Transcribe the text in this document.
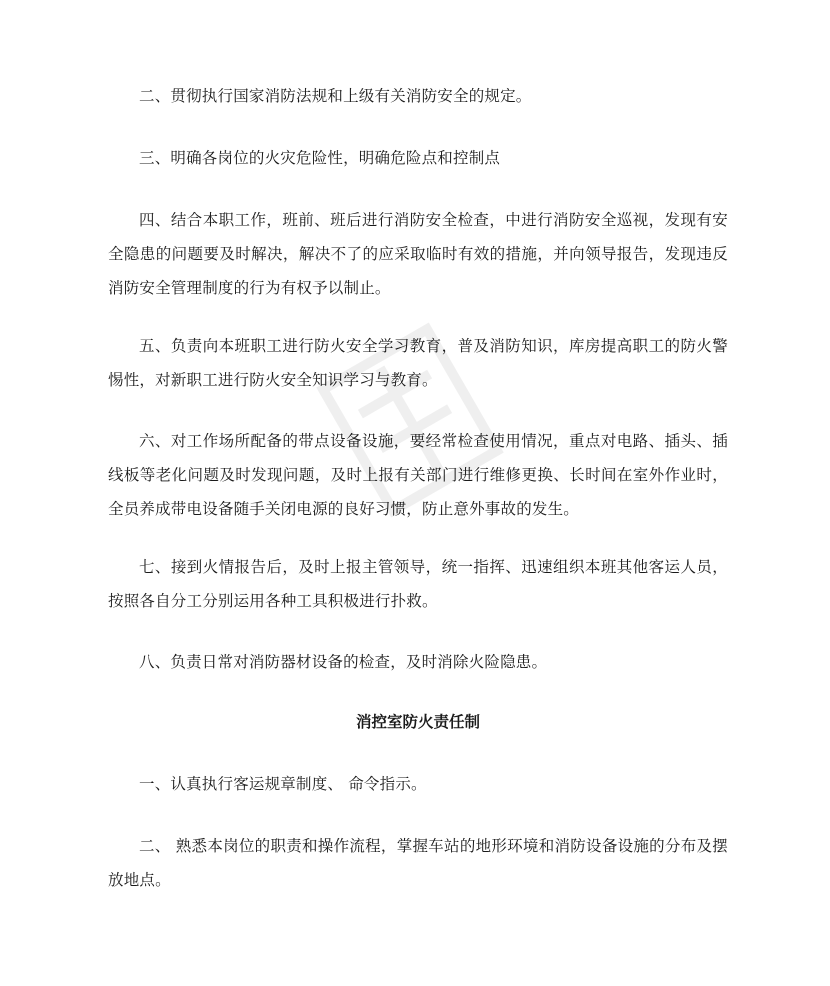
二、贯彻执行国家消防法规和上级有关消防安全的规定。

三、明确各岗位的火灾危险性，明确危险点和控制点

四、结合本职工作，班前、班后进行消防安全检查，中进行消防安全巡视，发现有安全隐患的问题要及时解决，解决不了的应采取临时有效的措施，并向领导报告，发现违反消防安全管理制度的行为有权予以制止。

五、负责向本班职工进行防火安全学习教育，普及消防知识，库房提高职工的防火警惕性，对新职工进行防火安全知识学习与教育。

六、对工作场所配备的带点设备设施，要经常检查使用情况，重点对电路、插头、插线板等老化问题及时发现问题，及时上报有关部门进行维修更换、长时间在室外作业时，全员养成带电设备随手关闭电源的良好习惯，防止意外事故的发生。

七、接到火情报告后，及时上报主管领导，统一指挥、迅速组织本班其他客运人员，按照各自分工分别运用各种工具积极进行扑救。

八、负责日常对消防器材设备的检查，及时消除火险隐患。

消控室防火责任制

一、认真执行客运规章制度、 命令指示。

二、 熟悉本岗位的职责和操作流程，掌握车站的地形环境和消防设备设施的分布及摆放地点。
